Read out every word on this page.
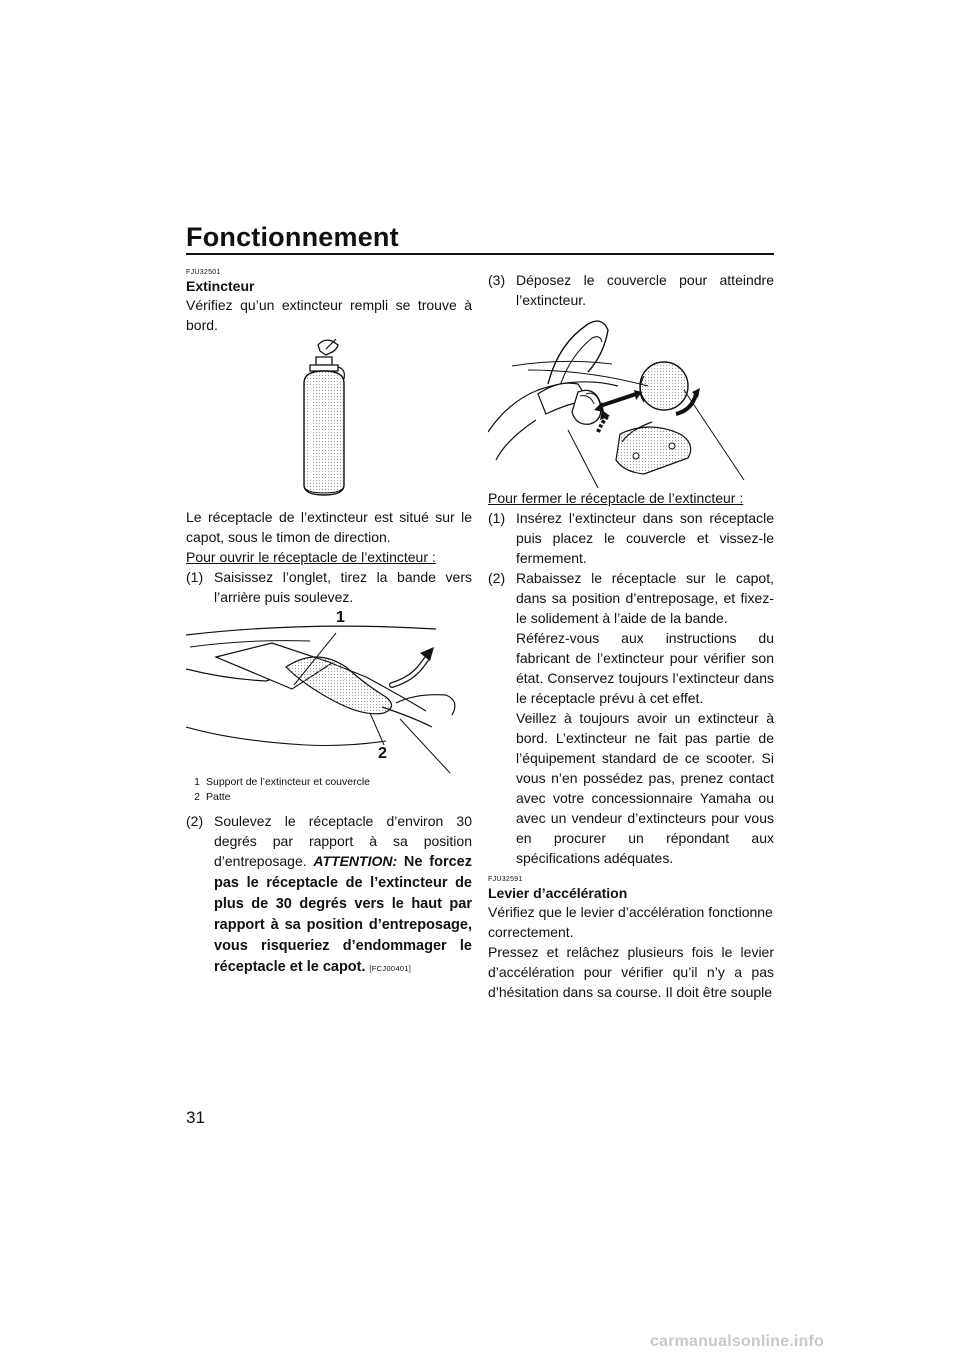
Fonctionnement
FJU32501
Extincteur

Vérifiez qu’un extincteur rempli se trouve à bord.

Le réceptacle de l’extincteur est situé sur le capot, sous le timon de direction.

Pour ouvrir le réceptacle de l’extincteur :

(1) Saisissez l’onglet, tirez la bande vers l’arrière puis soulevez.
1
2
1 Support de l’extincteur et couvercle
2 Patte
(2) Soulevez le réceptacle d’environ 30 degrés par rapport à sa position d’entreposage. ATTENTION: Ne forcez pas le réceptacle de l’extincteur de plus de 30 degrés vers le haut par rapport à sa position d’entreposage, vous risqueriez d’endommager le réceptacle et le capot. [FCJ00401]
(3) Déposez le couvercle pour atteindre l’extincteur.

Pour fermer le réceptacle de l’extincteur :

(1) Insérez l’extincteur dans son réceptacle puis placez le couvercle et vissez-le fermement.
(2) Rabaissez le réceptacle sur le capot, dans sa position d’entreposage, et fixez-le solidement à l’aide de la bande.
Référez-vous aux instructions du fabricant de l’extincteur pour vérifier son état. Conservez toujours l’extincteur dans le réceptacle prévu à cet effet.
Veillez à toujours avoir un extincteur à bord. L’extincteur ne fait pas partie de l’équipement standard de ce scooter. Si vous n’en possédez pas, prenez contact avec votre concessionnaire Yamaha ou avec un vendeur d’extincteurs pour vous en procurer un répondant aux spécifications adéquates.
FJU32591
Levier d’accélération

Vérifiez que le levier d’accélération fonctionne correctement.

Pressez et relâchez plusieurs fois le levier d’accélération pour vérifier qu’il n’y a pas d’hésitation dans sa course. Il doit être souple

31
carmanualsonline.info
